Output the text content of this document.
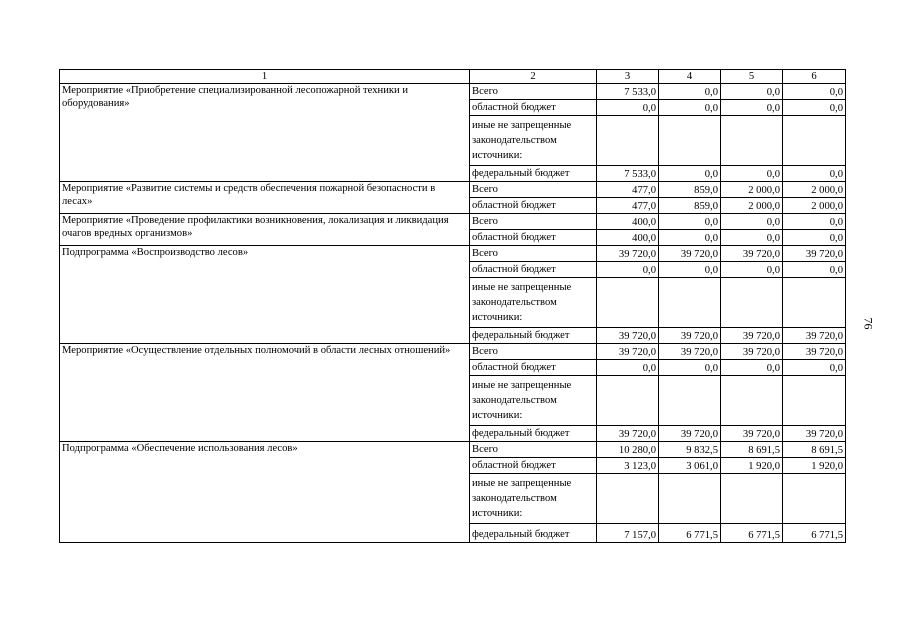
1	2	3	4	5	6
Мероприятие «Приобретение специализированной лесопожарной техники и оборудования»	Всего	7 533,0	0,0	0,0	0,0
	областной бюджет	0,0	0,0	0,0	0,0
	иные не запрещенные законодательством источники:				
	федеральный бюджет	7 533,0	0,0	0,0	0,0
Мероприятие «Развитие системы и средств обеспечения пожарной безопасности в лесах»	Всего	477,0	859,0	2 000,0	2 000,0
	областной бюджет	477,0	859,0	2 000,0	2 000,0
Мероприятие «Проведение профилактики возникновения, локализация и ликвидация очагов вредных организмов»	Всего	400,0	0,0	0,0	0,0
	областной бюджет	400,0	0,0	0,0	0,0
Подпрограмма «Воспроизводство лесов»	Всего	39 720,0	39 720,0	39 720,0	39 720,0
	областной бюджет	0,0	0,0	0,0	0,0
	иные не запрещенные законодательством источники:				
	федеральный бюджет	39 720,0	39 720,0	39 720,0	39 720,0
Мероприятие «Осуществление отдельных полномочий в области лесных отношений»	Всего	39 720,0	39 720,0	39 720,0	39 720,0
	областной бюджет	0,0	0,0	0,0	0,0
	иные не запрещенные законодательством источники:				
	федеральный бюджет	39 720,0	39 720,0	39 720,0	39 720,0
Подпрограмма «Обеспечение использования лесов»	Всего	10 280,0	9 832,5	8 691,5	8 691,5
	областной бюджет	3 123,0	3 061,0	1 920,0	1 920,0
	иные не запрещенные законодательством источники:				
	федеральный бюджет	7 157,0	6 771,5	6 771,5	6 771,5
76
